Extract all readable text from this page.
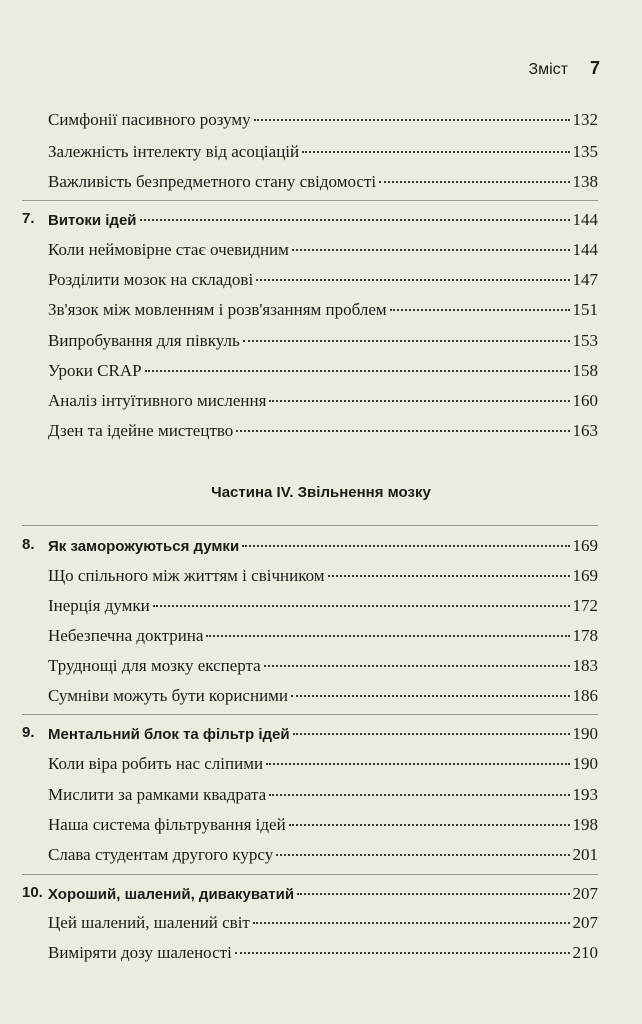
Зміст 7
Симфонії пасивного розуму	132
Залежність інтелекту від асоціацій	135
Важливість безпредметного стану свідомості	138
7. Витоки ідей	144
Коли неймовірне стає очевидним	144
Розділити мозок на складові	147
Зв'язок між мовленням і розв'язанням проблем	151
Випробування для півкуль	153
Уроки CRAP	158
Аналіз інтуїтивного мислення	160
Дзен та ідейне мистецтво	163
Частина IV. Звільнення мозку
8. Як заморожуються думки	169
Що спільного між життям і свічником	169
Інерція думки	172
Небезпечна доктрина	178
Труднощі для мозку експерта	183
Сумніви можуть бути корисними	186
9. Ментальний блок та фільтр ідей	190
Коли віра робить нас сліпими	190
Мислити за рамками квадрата	193
Наша система фільтрування ідей	198
Слава студентам другого курсу	201
10. Хороший, шалений, дивакуватий	207
Цей шалений, шалений світ	207
Виміряти дозу шаленості	210
